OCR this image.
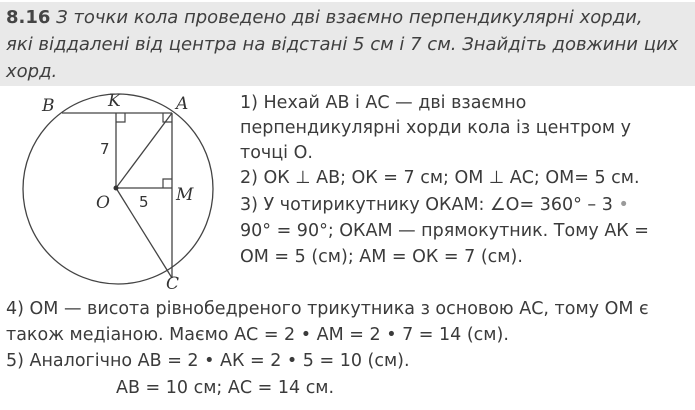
8.16 З точки кола проведено дві взаємно перпендикулярні хорди,
які віддалені від центра на відстані 5 см і 7 см. Знайдіть довжини цих
хорд.
B	K	A
O	M
C
7
5
1) Нехай АВ і АС — дві взаємно
перпендикулярні хорди кола із центром у
точці О.
2) ОК ⊥ АВ; ОК = 7 см; ОМ ⊥ АС; ОМ= 5 см.
3) У чотирикутнику ОКАМ: ∠О= 360° – 3 •
90° = 90°; ОКАМ — прямокутник. Тому АК =
ОМ = 5 (см); АМ = ОК = 7 (см).
4) ОМ — висота рівнобедреного трикутника з основою АС, тому ОМ є
також медіаною. Маємо АС = 2 • АМ = 2 • 7 = 14 (см).
5) Аналогічно АВ = 2 • АК = 2 • 5 = 10 (см).
АВ = 10 см; АС = 14 см.
